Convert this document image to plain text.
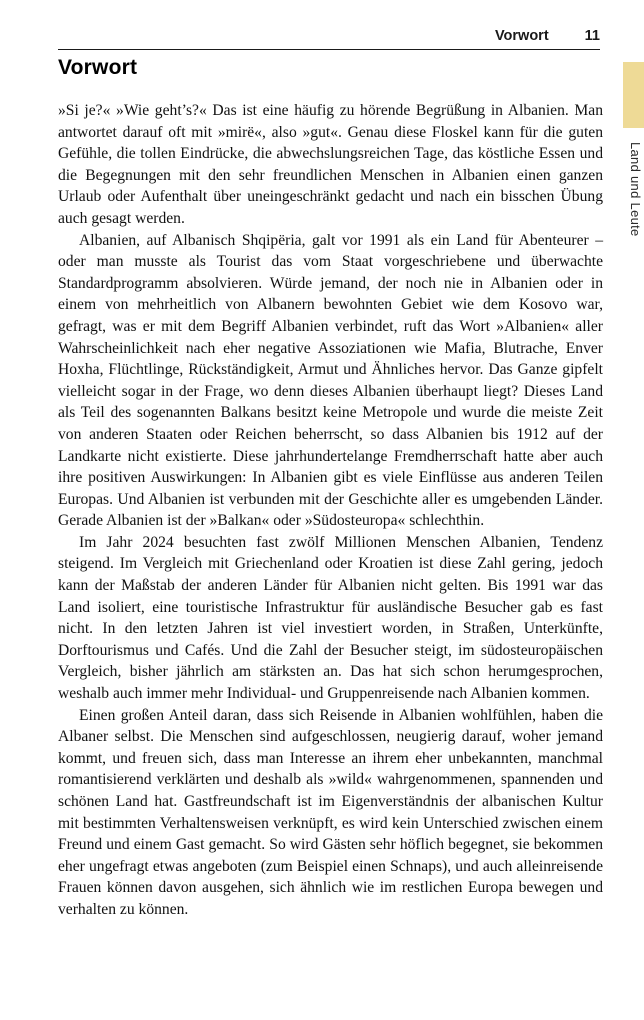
Vorwort 11
Land und Leute
Vorwort

»Si je?« »Wie geht’s?« Das ist eine häufig zu hörende Begrüßung in Albanien. Man antwortet darauf oft mit »mirë«, also »gut«. Genau diese Floskel kann für die guten Gefühle, die tollen Eindrücke, die abwechslungsreichen Tage, das köstliche Essen und die Begegnungen mit den sehr freundlichen Menschen in Albanien einen ganzen Urlaub oder Aufenthalt über uneingeschränkt gedacht und nach ein bisschen Übung auch gesagt werden.

Albanien, auf Albanisch Shqipëria, galt vor 1991 als ein Land für Abenteurer – oder man musste als Tourist das vom Staat vorgeschriebene und überwachte Standardprogramm absolvieren. Würde jemand, der noch nie in Albanien oder in einem von mehrheitlich von Albanern bewohnten Gebiet wie dem Kosovo war, gefragt, was er mit dem Begriff Albanien verbindet, ruft das Wort »Albanien« aller Wahrscheinlichkeit nach eher negative Assoziationen wie Mafia, Blutrache, Enver Hoxha, Flüchtlinge, Rückständigkeit, Armut und Ähnliches hervor. Das Ganze gipfelt vielleicht sogar in der Frage, wo denn dieses Albanien überhaupt liegt? Dieses Land als Teil des sogenannten Balkans besitzt keine Metropole und wurde die meiste Zeit von anderen Staaten oder Reichen beherrscht, so dass Albanien bis 1912 auf der Landkarte nicht existierte. Diese jahrhundertelange Fremdherrschaft hatte aber auch ihre positiven Auswirkungen: In Albanien gibt es viele Einflüsse aus anderen Teilen Europas. Und Albanien ist verbunden mit der Geschichte aller es umgebenden Länder. Gerade Albanien ist der »Balkan« oder »Südosteuropa« schlechthin.

Im Jahr 2024 besuchten fast zwölf Millionen Menschen Albanien, Tendenz steigend. Im Vergleich mit Griechenland oder Kroatien ist diese Zahl gering, jedoch kann der Maßstab der anderen Länder für Albanien nicht gelten. Bis 1991 war das Land isoliert, eine touristische Infrastruktur für ausländische Besucher gab es fast nicht. In den letzten Jahren ist viel investiert worden, in Straßen, Unterkünfte, Dorftourismus und Cafés. Und die Zahl der Besucher steigt, im südosteuropäischen Vergleich, bisher jährlich am stärksten an. Das hat sich schon herumgesprochen, weshalb auch immer mehr Individual- und Gruppenreisende nach Albanien kommen.

Einen großen Anteil daran, dass sich Reisende in Albanien wohlfühlen, haben die Albaner selbst. Die Menschen sind aufgeschlossen, neugierig darauf, woher jemand kommt, und freuen sich, dass man Interesse an ihrem eher unbekannten, manchmal romantisierend verklärten und deshalb als »wild« wahrgenommenen, spannenden und schönen Land hat. Gastfreundschaft ist im Eigenverständnis der albanischen Kultur mit bestimmten Verhaltensweisen verknüpft, es wird kein Unterschied zwischen einem Freund und einem Gast gemacht. So wird Gästen sehr höflich begegnet, sie bekommen eher ungefragt etwas angeboten (zum Beispiel einen Schnaps), und auch alleinreisende Frauen können davon ausgehen, sich ähnlich wie im restlichen Europa bewegen und verhalten zu können.
